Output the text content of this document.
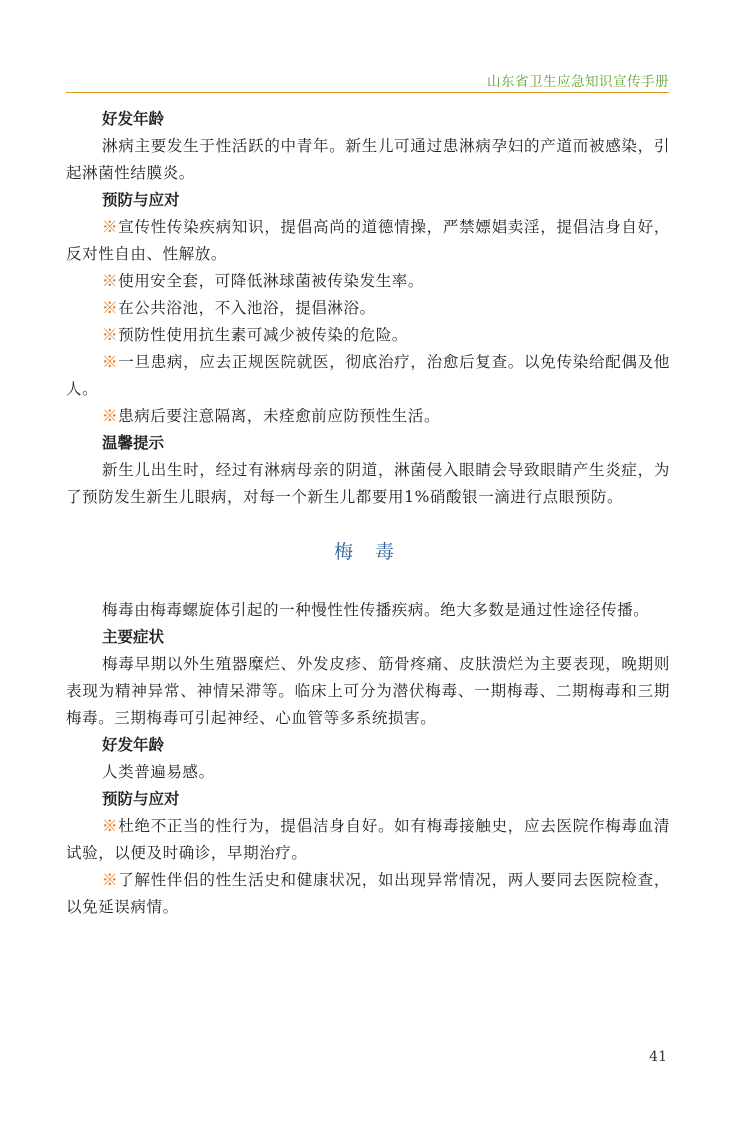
山东省卫生应急知识宣传手册

好发年龄

淋病主要发生于性活跃的中青年。新生儿可通过患淋病孕妇的产道而被感染，引起淋菌性结膜炎。

预防与应对

※宣传性传染疾病知识，提倡高尚的道德情操，严禁嫖娼卖淫，提倡洁身自好，反对性自由、性解放。

※使用安全套，可降低淋球菌被传染发生率。

※在公共浴池，不入池浴，提倡淋浴。

※预防性使用抗生素可减少被传染的危险。

※一旦患病，应去正规医院就医，彻底治疗，治愈后复查。以免传染给配偶及他人。

※患病后要注意隔离，未痊愈前应防预性生活。

温馨提示

新生儿出生时，经过有淋病母亲的阴道，淋菌侵入眼睛会导致眼睛产生炎症，为了预防发生新生儿眼病，对每一个新生儿都要用1%硝酸银一滴进行点眼预防。

梅 毒

梅毒由梅毒螺旋体引起的一种慢性性传播疾病。绝大多数是通过性途径传播。

主要症状

梅毒早期以外生殖器糜烂、外发皮疹、筋骨疼痛、皮肤溃烂为主要表现，晚期则表现为精神异常、神情呆滞等。临床上可分为潜伏梅毒、一期梅毒、二期梅毒和三期梅毒。三期梅毒可引起神经、心血管等多系统损害。

好发年龄

人类普遍易感。

预防与应对

※杜绝不正当的性行为，提倡洁身自好。如有梅毒接触史，应去医院作梅毒血清试验，以便及时确诊，早期治疗。

※了解性伴侣的性生活史和健康状况，如出现异常情况，两人要同去医院检查，以免延误病情。

41
